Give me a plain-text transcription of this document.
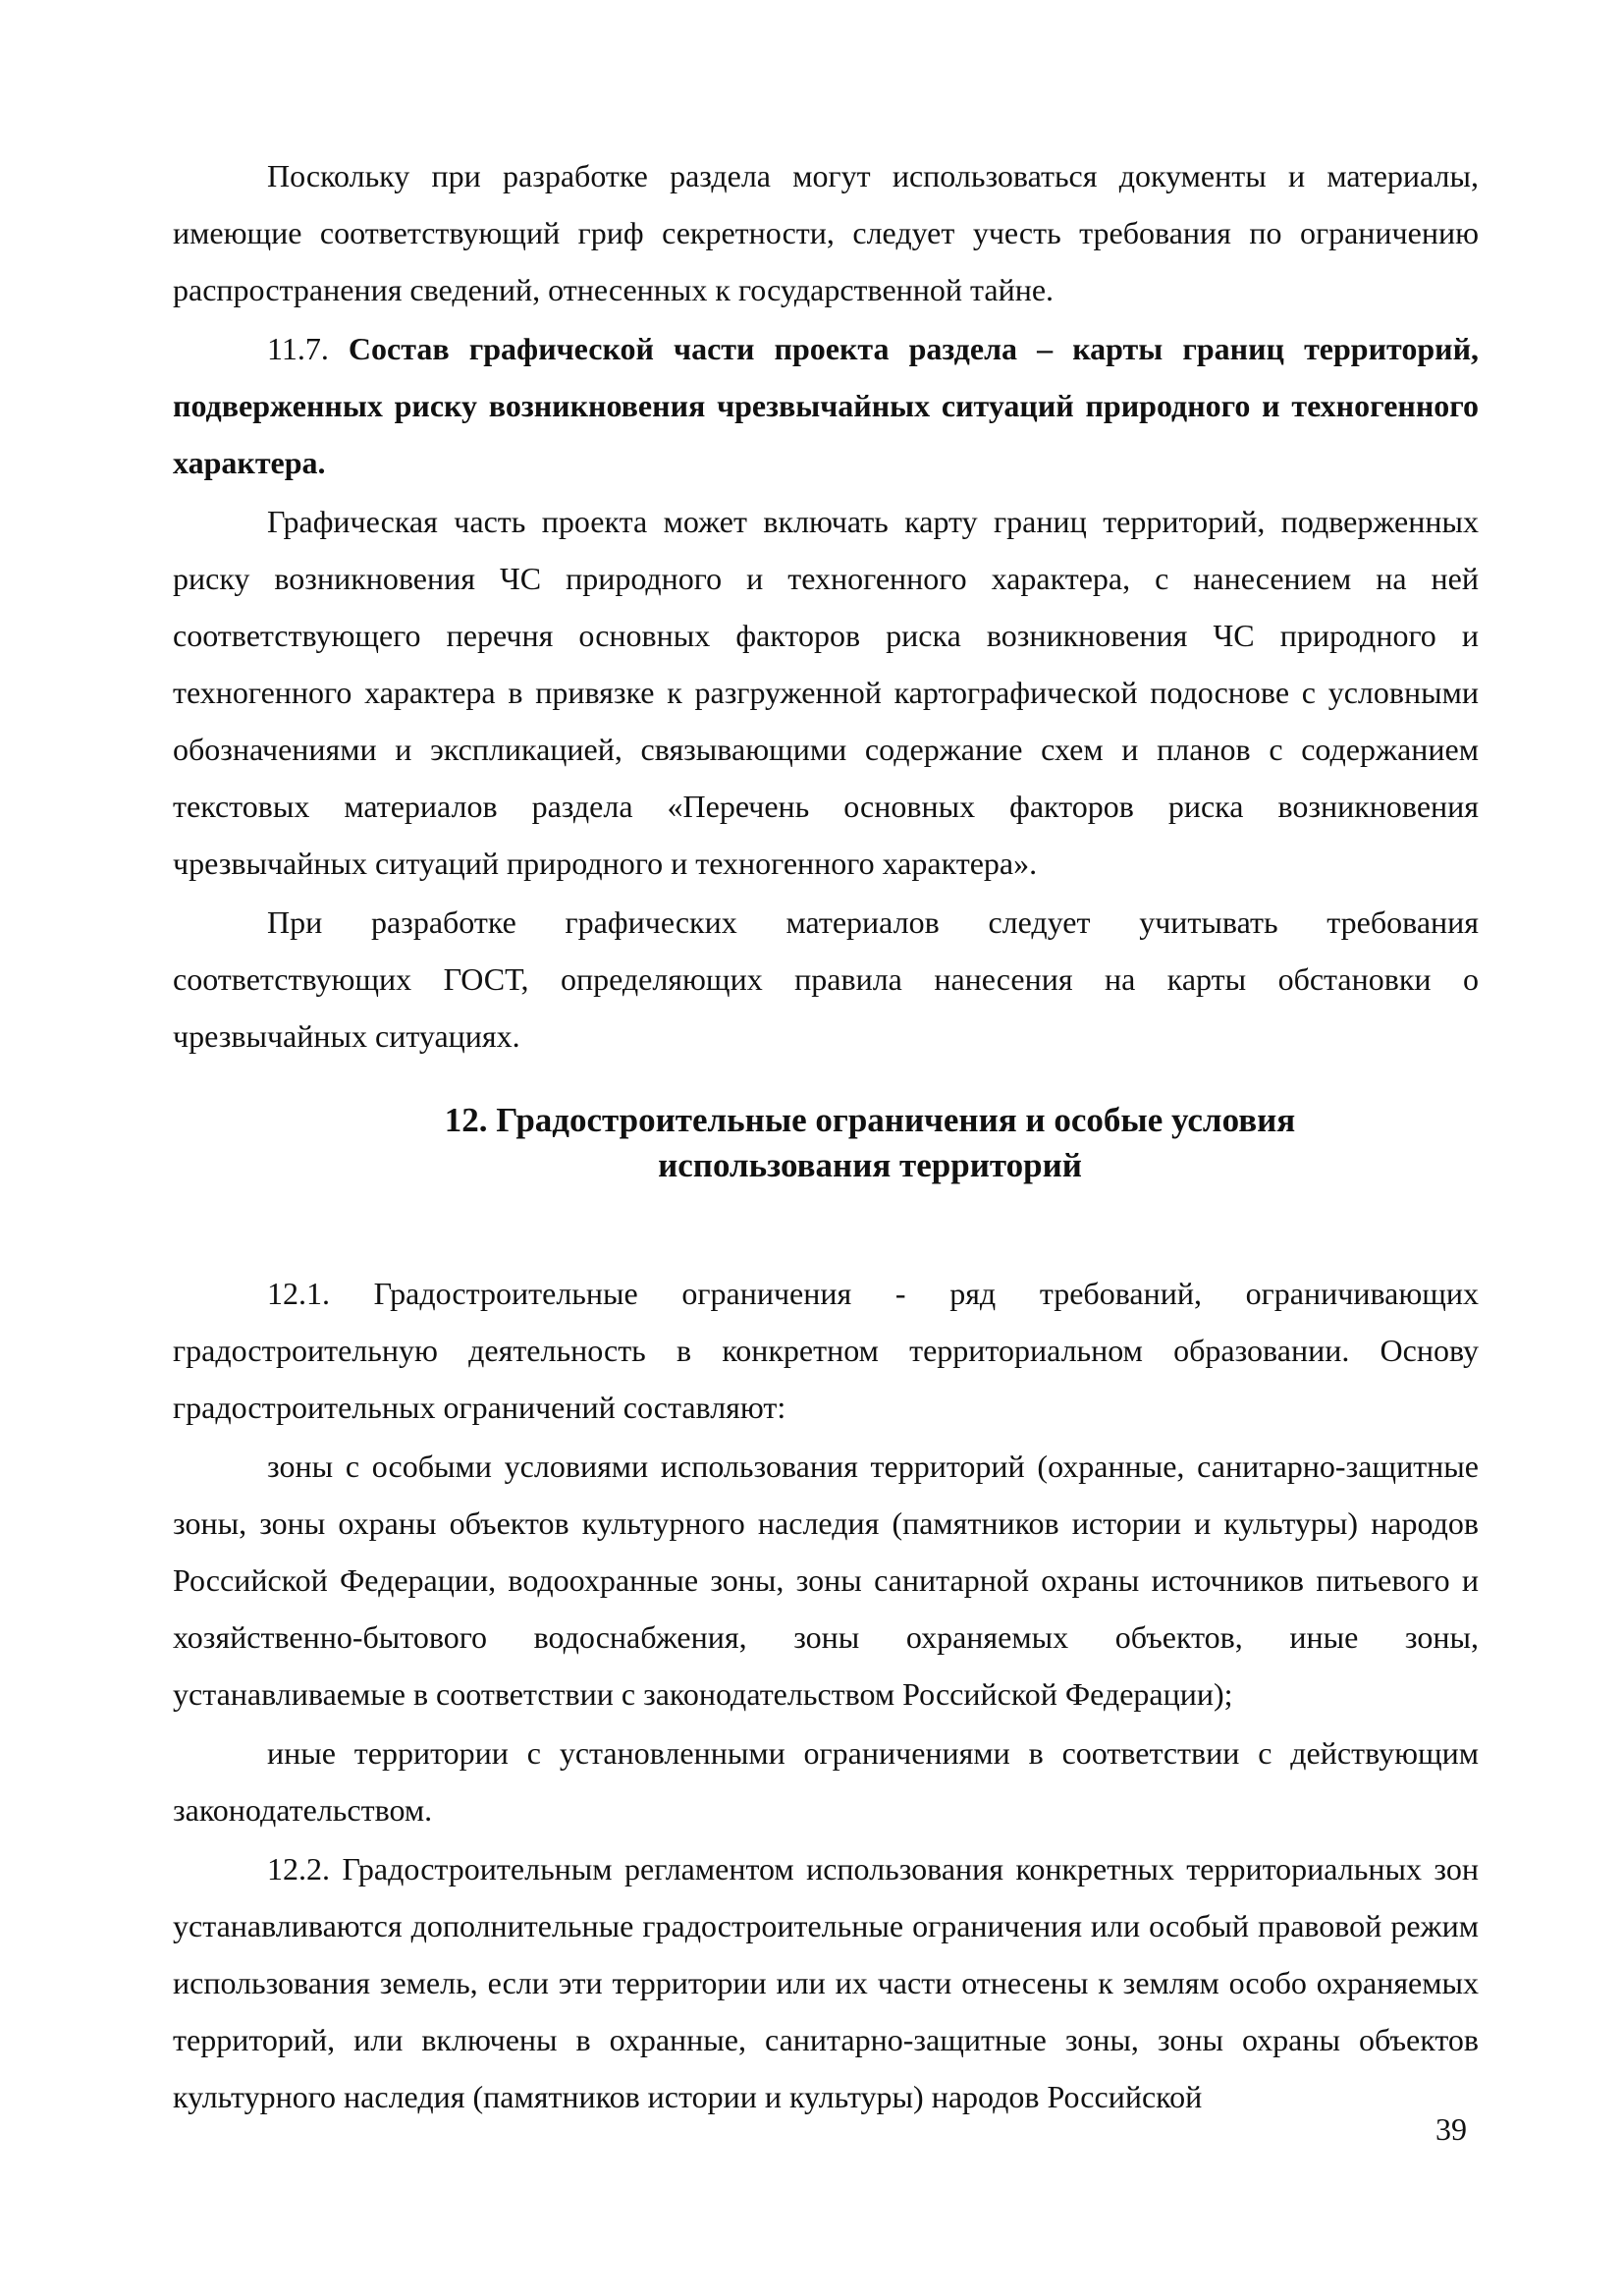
Поскольку при разработке раздела могут использоваться документы и материалы, имеющие соответствующий гриф секретности, следует учесть требования по ограничению распространения сведений, отнесенных к государственной тайне.

11.7. Состав графической части проекта раздела – карты границ территорий, подверженных риску возникновения чрезвычайных ситуаций природного и техногенного характера.

Графическая часть проекта может включать карту границ территорий, подверженных риску возникновения ЧС природного и техногенного характера, с нанесением на ней соответствующего перечня основных факторов риска возникновения ЧС природного и техногенного характера в привязке к разгруженной картографической подоснове с условными обозначениями и экспликацией, связывающими содержание схем и планов с содержанием текстовых материалов раздела «Перечень основных факторов риска возникновения чрезвычайных ситуаций природного и техногенного характера».

При разработке графических материалов следует учитывать требования соответствующих ГОСТ, определяющих правила нанесения на карты обстановки о чрезвычайных ситуациях.

12. Градостроительные ограничения и особые условия
использования территорий

12.1. Градостроительные ограничения - ряд требований, ограничивающих градостроительную деятельность в конкретном территориальном образовании. Основу градостроительных ограничений составляют:

зоны с особыми условиями использования территорий (охранные, санитарно-защитные зоны, зоны охраны объектов культурного наследия (памятников истории и культуры) народов Российской Федерации, водоохранные зоны, зоны санитарной охраны источников питьевого и хозяйственно-бытового водоснабжения, зоны охраняемых объектов, иные зоны, устанавливаемые в соответствии с законодательством Российской Федерации);

иные территории с установленными ограничениями в соответствии с действующим законодательством.

12.2. Градостроительным регламентом использования конкретных территориальных зон устанавливаются дополнительные градостроительные ограничения или особый правовой режим использования земель, если эти территории или их части отнесены к землям особо охраняемых территорий, или включены в охранные, санитарно-защитные зоны, зоны охраны объектов культурного наследия (памятников истории и культуры) народов Российской

39
